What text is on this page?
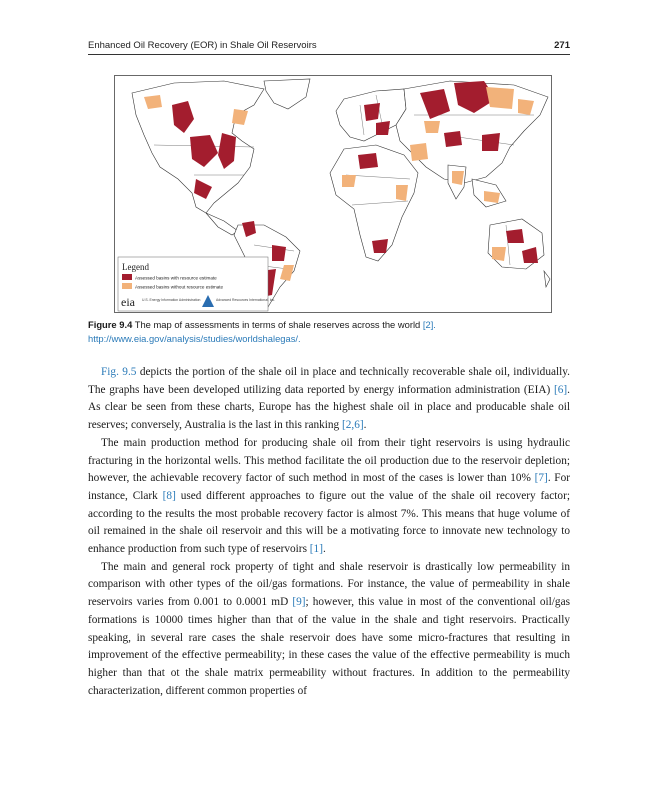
Enhanced Oil Recovery (EOR) in Shale Oil Reservoirs	271
Legend
Assessed basins with resource estimate
Assessed basins without resource estimate
eia U.S. Energy Information Administration	Advanced Resources International, Inc.
Figure 9.4 The map of assessments in terms of shale reserves across the world [2]. http://www.eia.gov/analysis/studies/worldshalegas/.

Fig. 9.5 depicts the portion of the shale oil in place and technically recoverable shale oil, individually. The graphs have been developed utilizing data reported by energy information administration (EIA) [6]. As clear be seen from these charts, Europe has the highest shale oil in place and producable shale oil reserves; conversely, Australia is the last in this ranking [2,6].

The main production method for producing shale oil from their tight reservoirs is using hydraulic fracturing in the horizontal wells. This method facilitate the oil production due to the reservoir depletion; however, the achievable recovery factor of such method in most of the cases is lower than 10% [7]. For instance, Clark [8] used different approaches to figure out the value of the shale oil recovery factor; according to the results the most probable recovery factor is almost 7%. This means that huge volume of oil remained in the shale oil reservoir and this will be a motivating force to innovate new technology to enhance production from such type of reservoirs [1].

The main and general rock property of tight and shale reservoir is drastically low permeability in comparison with other types of the oil/gas formations. For instance, the value of permeability in shale reservoirs varies from 0.001 to 0.0001 mD [9]; however, this value in most of the conventional oil/gas formations is 10000 times higher than that of the value in the shale and tight reservoirs. Practically speaking, in several rare cases the shale reservoir does have some micro-fractures that resulting in improvement of the effective permeability; in these cases the value of the effective permeability is much higher than that ot the shale matrix permeability without fractures. In addition to the permeability characterization, different common properties of
